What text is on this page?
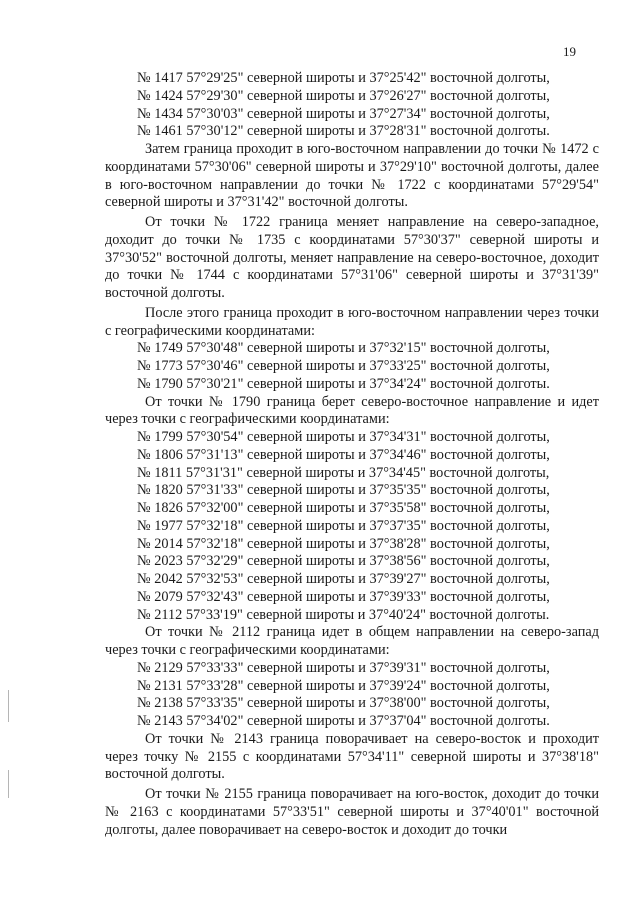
19

№ 1417 57°29'25" северной широты и 37°25'42" восточной долготы,

№ 1424 57°29'30" северной широты и 37°26'27" восточной долготы,

№ 1434 57°30'03" северной широты и 37°27'34" восточной долготы,

№ 1461 57°30'12" северной широты и 37°28'31" восточной долготы.

Затем граница проходит в юго-восточном направлении до точки № 1472 с координатами 57°30'06" северной широты и 37°29'10" восточной долготы, далее в юго-восточном направлении до точки № 1722 с координатами 57°29'54" северной широты и 37°31'42" восточной долготы.

От точки № 1722 граница меняет направление на северо-западное, доходит до точки № 1735 с координатами 57°30'37" северной широты и 37°30'52" восточной долготы, меняет направление на северо-восточное, доходит до точки № 1744 с координатами 57°31'06" северной широты и 37°31'39" восточной долготы.

После этого граница проходит в юго-восточном направлении через точки с географическими координатами:

№ 1749 57°30'48" северной широты и 37°32'15" восточной долготы,

№ 1773 57°30'46" северной широты и 37°33'25" восточной долготы,

№ 1790 57°30'21" северной широты и 37°34'24" восточной долготы.

От точки № 1790 граница берет северо-восточное направление и идет через точки с географическими координатами:

№ 1799 57°30'54" северной широты и 37°34'31" восточной долготы,

№ 1806 57°31'13" северной широты и 37°34'46" восточной долготы,

№ 1811 57°31'31" северной широты и 37°34'45" восточной долготы,

№ 1820 57°31'33" северной широты и 37°35'35" восточной долготы,

№ 1826 57°32'00" северной широты и 37°35'58" восточной долготы,

№ 1977 57°32'18" северной широты и 37°37'35" восточной долготы,

№ 2014 57°32'18" северной широты и 37°38'28" восточной долготы,

№ 2023 57°32'29" северной широты и 37°38'56" восточной долготы,

№ 2042 57°32'53" северной широты и 37°39'27" восточной долготы,

№ 2079 57°32'43" северной широты и 37°39'33" восточной долготы,

№ 2112 57°33'19" северной широты и 37°40'24" восточной долготы.

От точки № 2112 граница идет в общем направлении на северо-запад через точки с географическими координатами:

№ 2129 57°33'33" северной широты и 37°39'31" восточной долготы,

№ 2131 57°33'28" северной широты и 37°39'24" восточной долготы,

№ 2138 57°33'35" северной широты и 37°38'00" восточной долготы,

№ 2143 57°34'02" северной широты и 37°37'04" восточной долготы.

От точки № 2143 граница поворачивает на северо-восток и проходит через точку № 2155 с координатами 57°34'11" северной широты и 37°38'18" восточной долготы.

От точки № 2155 граница поворачивает на юго-восток, доходит до точки № 2163 с координатами 57°33'51" северной широты и 37°40'01" восточной долготы, далее поворачивает на северо-восток и доходит до точки
